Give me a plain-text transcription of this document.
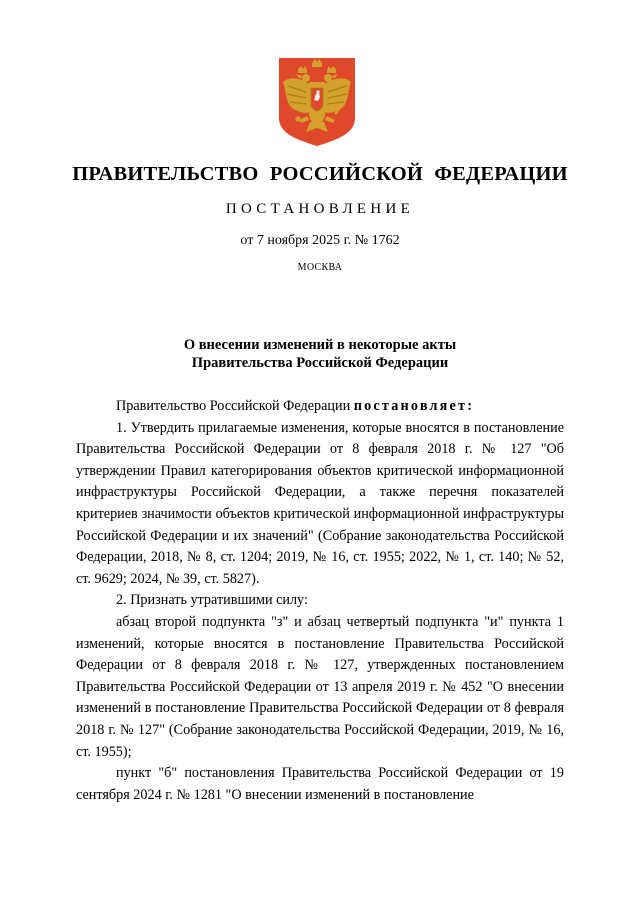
ПРАВИТЕЛЬСТВО РОССИЙСКОЙ ФЕДЕРАЦИИ
ПОСТАНОВЛЕНИЕ
от 7 ноября 2025 г. № 1762
МОСКВА
О внесении изменений в некоторые акты
Правительства Российской Федерации

Правительство Российской Федерации постановляет:

1. Утвердить прилагаемые изменения, которые вносятся в постановление Правительства Российской Федерации от 8 февраля 2018 г. № 127 "Об утверждении Правил категорирования объектов критической информационной инфраструктуры Российской Федерации, а также перечня показателей критериев значимости объектов критической информационной инфраструктуры Российской Федерации и их значений" (Собрание законодательства Российской Федерации, 2018, № 8, ст. 1204; 2019, № 16, ст. 1955; 2022, № 1, ст. 140; № 52, ст. 9629; 2024, № 39, ст. 5827).

2. Признать утратившими силу:

абзац второй подпункта "з" и абзац четвертый подпункта "и" пункта 1 изменений, которые вносятся в постановление Правительства Российской Федерации от 8 февраля 2018 г. № 127, утвержденных постановлением Правительства Российской Федерации от 13 апреля 2019 г. № 452 "О внесении изменений в постановление Правительства Российской Федерации от 8 февраля 2018 г. № 127" (Собрание законодательства Российской Федерации, 2019, № 16, ст. 1955);

пункт "б" постановления Правительства Российской Федерации от 19 сентября 2024 г. № 1281 "О внесении изменений в постановление
